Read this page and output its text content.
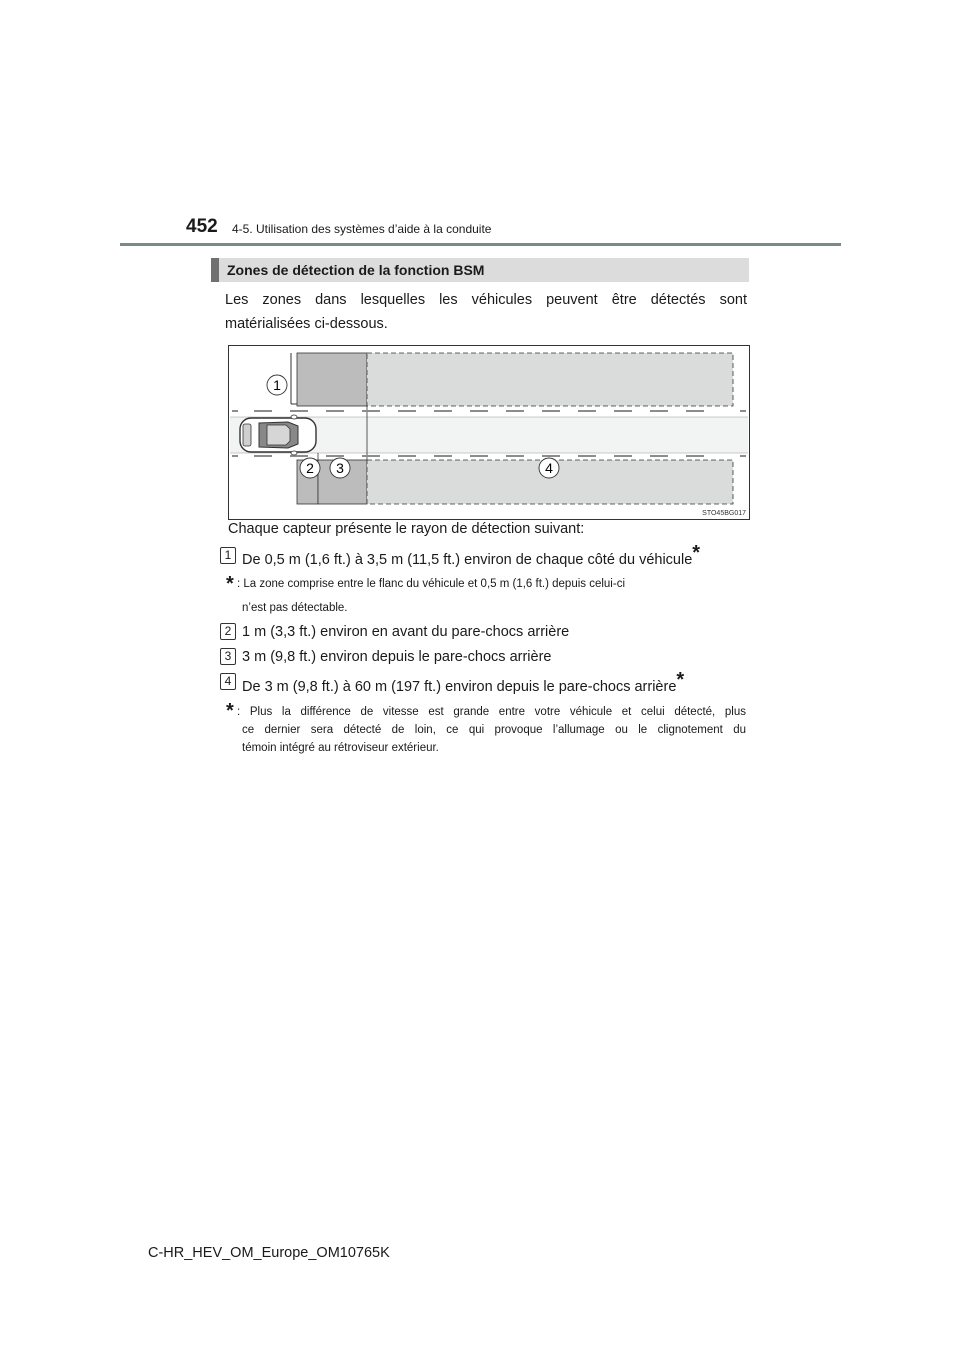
452 4-5. Utilisation des systèmes d’aide à la conduite
Zones de détection de la fonction BSM
Les zones dans lesquelles les véhicules peuvent être détectés sont
matérialisées ci-dessous.
1
2 3	4
STO45BG017
Chaque capteur présente le rayon de détection suivant:
1 De 0,5 m (1,6 ft.) à 3,5 m (11,5 ft.) environ de chaque côté du véhicule*
* : La zone comprise entre le flanc du véhicule et 0,5 m (1,6 ft.) depuis celui-ci
n’est pas détectable.
2 1 m (3,3 ft.) environ en avant du pare-chocs arrière
3 3 m (9,8 ft.) environ depuis le pare-chocs arrière
4 De 3 m (9,8 ft.) à 60 m (197 ft.) environ depuis le pare-chocs arrière*
* : Plus la différence de vitesse est grande entre votre véhicule et celui détecté, plus
ce dernier sera détecté de loin, ce qui provoque l’allumage ou le clignotement du
témoin intégré au rétroviseur extérieur.
C-HR_HEV_OM_Europe_OM10765K
